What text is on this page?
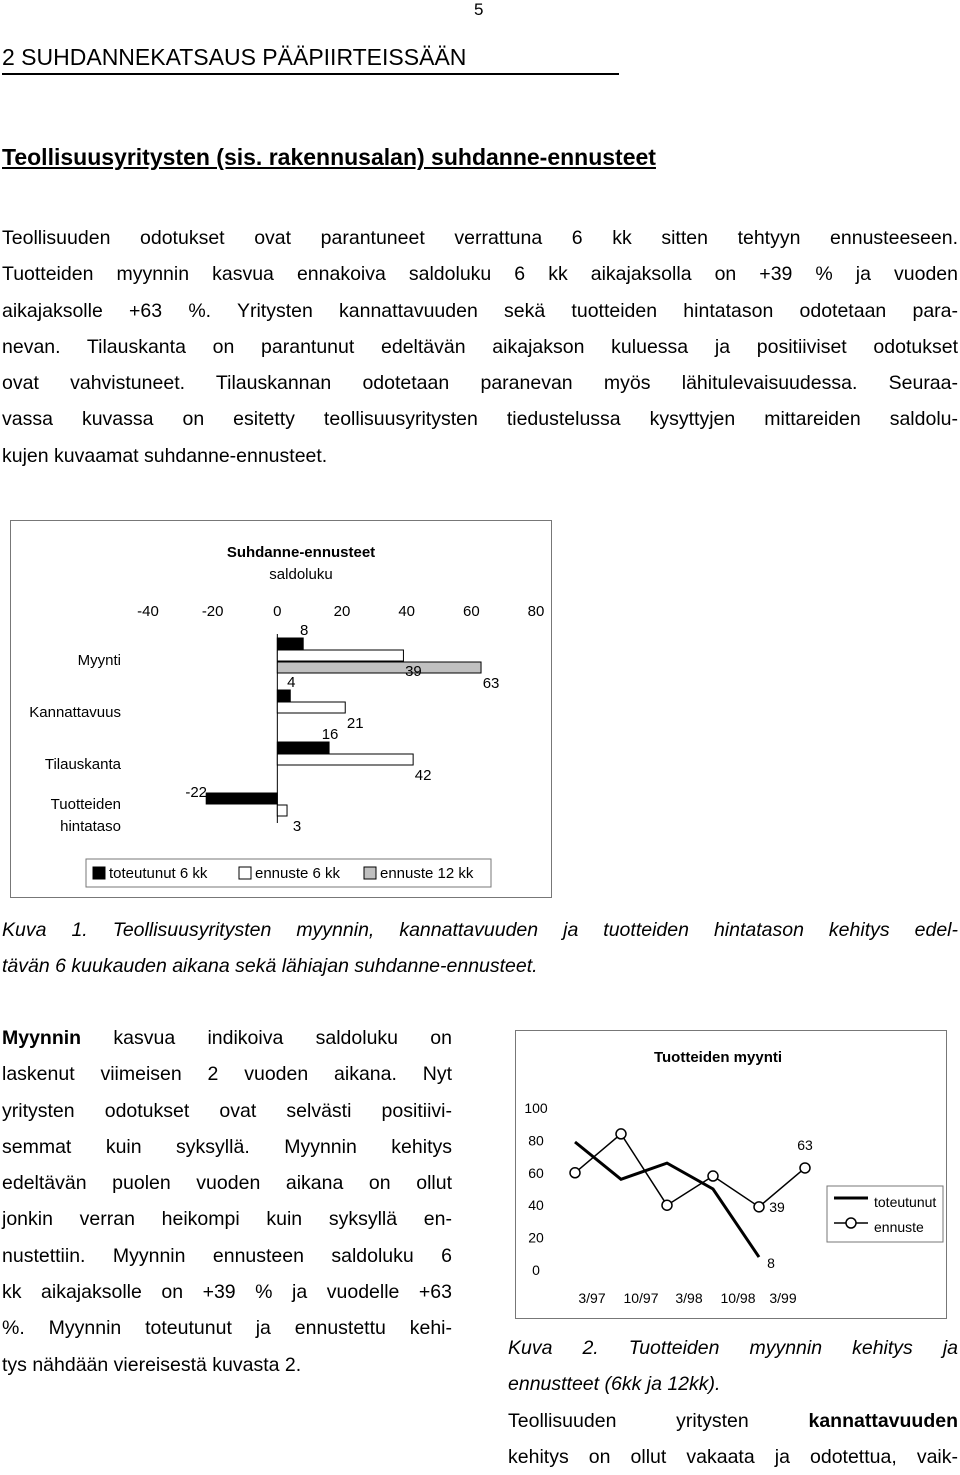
5
2 SUHDANNEKATSAUS PÄÄPIIRTEISSÄÄN
Teollisuusyritysten (sis. rakennusalan) suhdanne-ennusteet
Teollisuuden odotukset ovat parantuneet verrattuna 6 kk sitten tehtyyn ennusteeseen.
Tuotteiden myynnin kasvua ennakoiva saldoluku 6 kk aikajaksolla on +39 % ja vuoden
aikajaksolle +63 %. Yritysten kannattavuuden sekä tuotteiden hintatason odotetaan para-
nevan. Tilauskanta on parantunut edeltävän aikajakson kuluessa ja positiiviset odotukset
ovat vahvistuneet. Tilauskannan odotetaan paranevan myös lähitulevaisuudessa. Seuraa-
vassa kuvassa on esitetty teollisuusyritysten tiedustelussa kysyttyjen mittareiden saldolu-
kujen kuvaamat suhdanne-ennusteet.
Suhdanne-ennusteet
saldoluku
-40	-20	0	20	40	60	80
Myynti
Kannattavuus
Tilauskanta
Tuotteiden
hintataso
8
39
63
4
21
16
42
-22
3
toteutunut 6 kk	ennuste 6 kk	ennuste 12 kk
Kuva 1. Teollisuusyritysten myynnin, kannattavuuden ja tuotteiden hintatason kehitys edel-
tävän 6 kuukauden aikana sekä lähiajan suhdanne-ennusteet.
Myynnin kasvua indikoiva saldoluku on
laskenut viimeisen 2 vuoden aikana. Nyt
yritysten odotukset ovat selvästi positiivi-
semmat kuin syksyllä. Myynnin kehitys
edeltävän puolen vuoden aikana on ollut
jonkin verran heikompi kuin syksyllä en-
nustettiin. Myynnin ennusteen saldoluku 6
kk aikajaksolle on +39 % ja vuodelle +63
%. Myynnin toteutunut ja ennustettu kehi-
tys nähdään viereisestä kuvasta 2.
Tuotteiden myynti
0
20
40
60
80
100
3/97 10/97 3/98 10/98 3/99
8
39
63
toteutunut
ennuste
Kuva 2. Tuotteiden myynnin kehitys ja
ennustteet (6kk ja 12kk).
Teollisuuden yritysten kannattavuuden
kehitys on ollut vakaata ja odotettua, vaik-
